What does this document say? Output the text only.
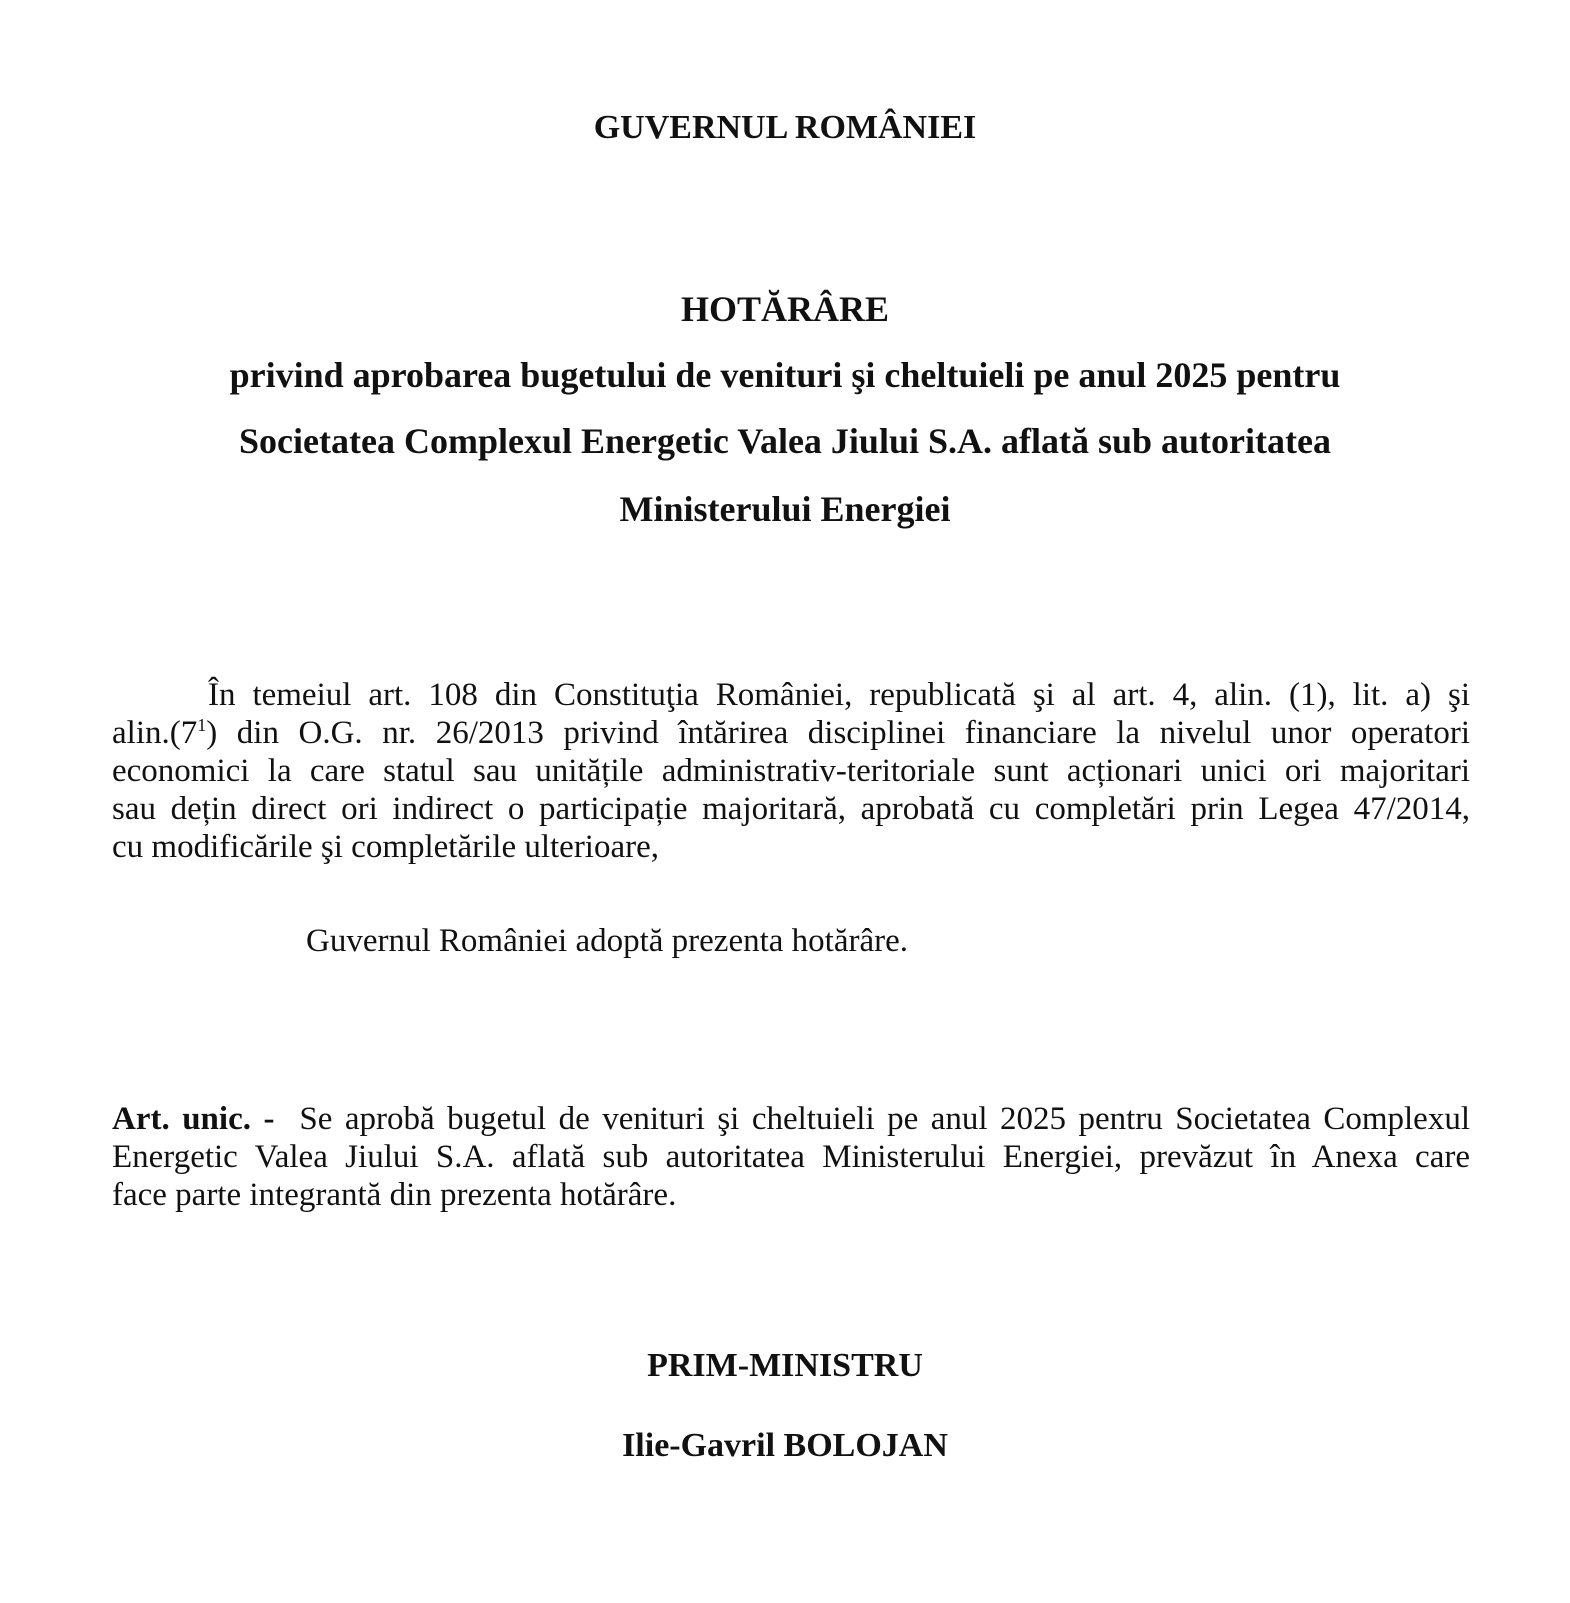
GUVERNUL ROMÂNIEI
HOTĂRÂRE
privind aprobarea bugetului de venituri şi cheltuieli pe anul 2025 pentru
Societatea Complexul Energetic Valea Jiului S.A. aflată sub autoritatea
Ministerului Energiei
În temeiul art. 108 din Constituţia României, republicată şi al art. 4, alin. (1), lit. a) şi
$alin.(7^1)$ din O.G. nr. 26/2013 privind întărirea disciplinei financiare la nivelul unor operatori
economici la care statul sau unitățile administrativ-teritoriale sunt acționari unici ori majoritari
sau dețin direct ori indirect o participație majoritară, aprobată cu completări prin Legea 47/2014,
cu modificările şi completările ulterioare,
Guvernul României adoptă prezenta hotărâre.
Art. unic. -  Se aprobă bugetul de venituri şi cheltuieli pe anul 2025 pentru Societatea Complexul
Energetic Valea Jiului S.A. aflată sub autoritatea Ministerului Energiei, prevăzut în Anexa care
face parte integrantă din prezenta hotărâre.
PRIM-MINISTRU
Ilie-Gavril BOLOJAN
